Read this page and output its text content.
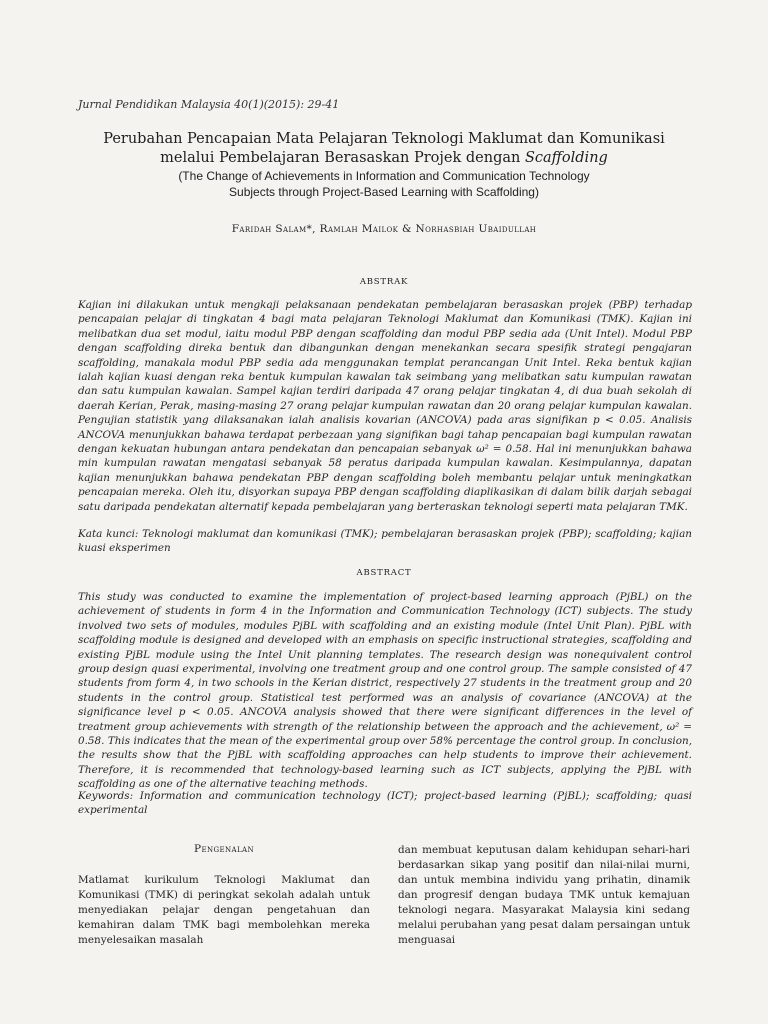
Jurnal Pendidikan Malaysia 40(1)(2015): 29-41
Perubahan Pencapaian Mata Pelajaran Teknologi Maklumat dan Komunikasi
melalui Pembelajaran Berasaskan Projek dengan Scaffolding
(The Change of Achievements in Information and Communication Technology
Subjects through Project-Based Learning with Scaffolding)
Faridah Salam*, Ramlah Mailok & Norhasbiah Ubaidullah
ABSTRAK

Kajian ini dilakukan untuk mengkaji pelaksanaan pendekatan pembelajaran berasaskan projek (PBP) terhadap pencapaian pelajar di tingkatan 4 bagi mata pelajaran Teknologi Maklumat dan Komunikasi (TMK). Kajian ini melibatkan dua set modul, iaitu modul PBP dengan scaffolding dan modul PBP sedia ada (Unit Intel). Modul PBP dengan scaffolding direka bentuk dan dibangunkan dengan menekankan secara spesifik strategi pengajaran scaffolding, manakala modul PBP sedia ada menggunakan templat perancangan Unit Intel. Reka bentuk kajian ialah kajian kuasi dengan reka bentuk kumpulan kawalan tak seimbang yang melibatkan satu kumpulan rawatan dan satu kumpulan kawalan. Sampel kajian terdiri daripada 47 orang pelajar tingkatan 4, di dua buah sekolah di daerah Kerian, Perak, masing-masing 27 orang pelajar kumpulan rawatan dan 20 orang pelajar kumpulan kawalan. Pengujian statistik yang dilaksanakan ialah analisis kovarian (ANCOVA) pada aras signifikan p < 0.05. Analisis ANCOVA menunjukkan bahawa terdapat perbezaan yang signifikan bagi tahap pencapaian bagi kumpulan rawatan dengan kekuatan hubungan antara pendekatan dan pencapaian sebanyak ω² = 0.58. Hal ini menunjukkan bahawa min kumpulan rawatan mengatasi sebanyak 58 peratus daripada kumpulan kawalan. Kesimpulannya, dapatan kajian menunjukkan bahawa pendekatan PBP dengan scaffolding boleh membantu pelajar untuk meningkatkan pencapaian mereka. Oleh itu, disyorkan supaya PBP dengan scaffolding diaplikasikan di dalam bilik darjah sebagai satu daripada pendekatan alternatif kepada pembelajaran yang berteraskan teknologi seperti mata pelajaran TMK.

Kata kunci: Teknologi maklumat dan komunikasi (TMK); pembelajaran berasaskan projek (PBP); scaffolding; kajian kuasi eksperimen

ABSTRACT

This study was conducted to examine the implementation of project-based learning approach (PjBL) on the achievement of students in form 4 in the Information and Communication Technology (ICT) subjects. The study involved two sets of modules, modules PjBL with scaffolding and an existing module (Intel Unit Plan). PjBL with scaffolding module is designed and developed with an emphasis on specific instructional strategies, scaffolding and existing PjBL module using the Intel Unit planning templates. The research design was nonequivalent control group design quasi experimental, involving one treatment group and one control group. The sample consisted of 47 students from form 4, in two schools in the Kerian district, respectively 27 students in the treatment group and 20 students in the control group. Statistical test performed was an analysis of covariance (ANCOVA) at the significance level p < 0.05. ANCOVA analysis showed that there were significant differences in the level of treatment group achievements with strength of the relationship between the approach and the achievement, ω² = 0.58. This indicates that the mean of the experimental group over 58% percentage the control group. In conclusion, the results show that the PjBL with scaffolding approaches can help students to improve their achievement. Therefore, it is recommended that technology-based learning such as ICT subjects, applying the PjBL with scaffolding as one of the alternative teaching methods.

Keywords: Information and communication technology (ICT); project-based learning (PjBL); scaffolding; quasi experimental

Pengenalan

Matlamat kurikulum Teknologi Maklumat dan Komunikasi (TMK) di peringkat sekolah adalah untuk menyediakan pelajar dengan pengetahuan dan kemahiran dalam TMK bagi membolehkan mereka menyelesaikan masalah

dan membuat keputusan dalam kehidupan sehari-hari berdasarkan sikap yang positif dan nilai-nilai murni, dan untuk membina individu yang prihatin, dinamik dan progresif dengan budaya TMK untuk kemajuan teknologi negara. Masyarakat Malaysia kini sedang melalui perubahan yang pesat dalam persaingan untuk menguasai
